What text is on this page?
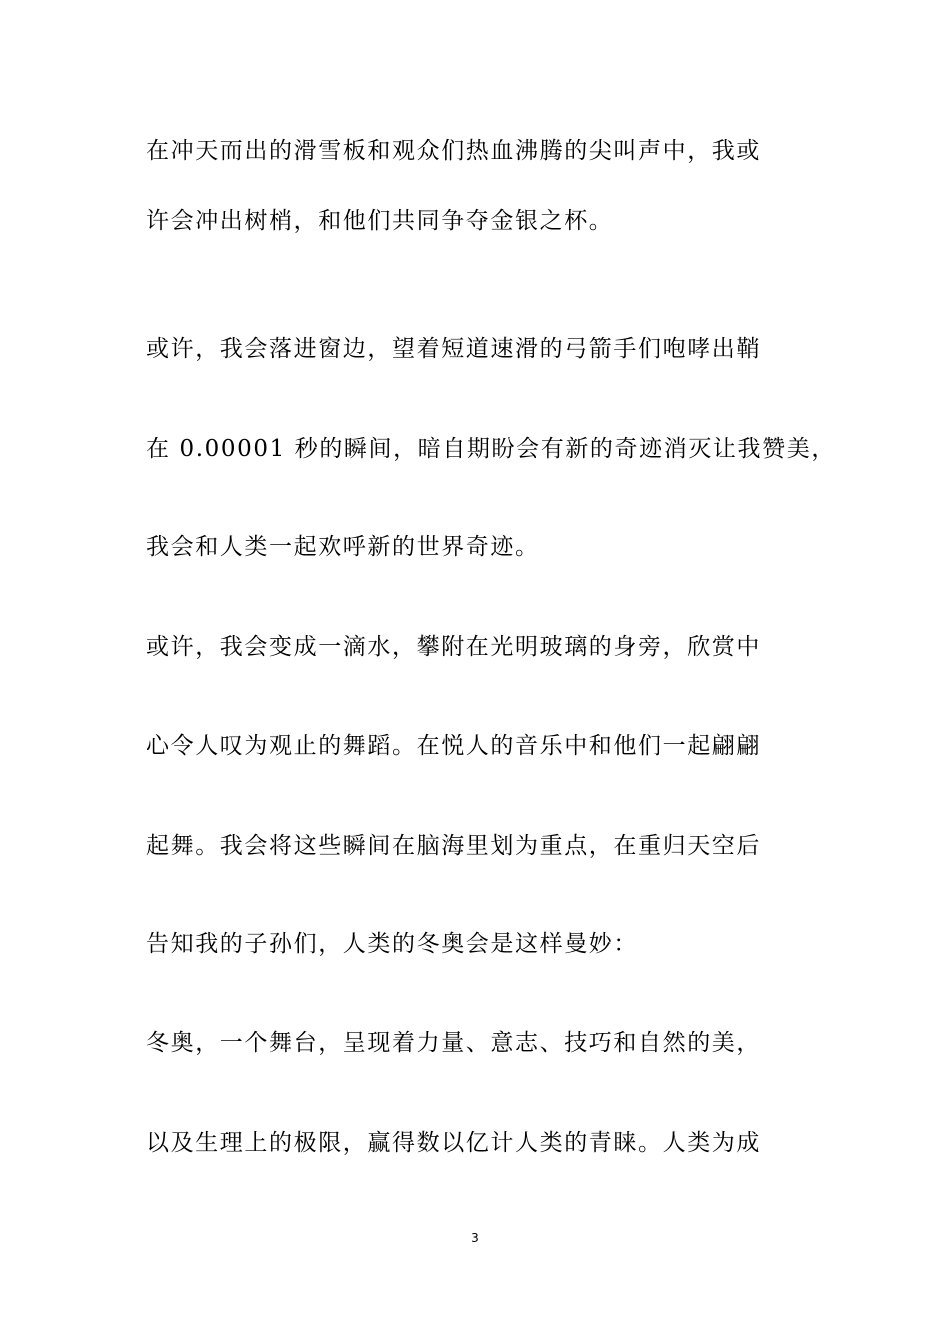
在冲天而出的滑雪板和观众们热血沸腾的尖叫声中，我或

许会冲出树梢，和他们共同争夺金银之杯。

或许，我会落进窗边，望着短道速滑的弓箭手们咆哮出鞘

在 0.00001 秒的瞬间，暗自期盼会有新的奇迹消灭让我赞美，

我会和人类一起欢呼新的世界奇迹。

或许，我会变成一滴水，攀附在光明玻璃的身旁，欣赏中

心令人叹为观止的舞蹈。在悦人的音乐中和他们一起翩翩

起舞。我会将这些瞬间在脑海里划为重点，在重归天空后

告知我的子孙们，人类的冬奥会是这样曼妙：

冬奥，一个舞台，呈现着力量、意志、技巧和自然的美，

以及生理上的极限，赢得数以亿计人类的青睐。人类为成

3
